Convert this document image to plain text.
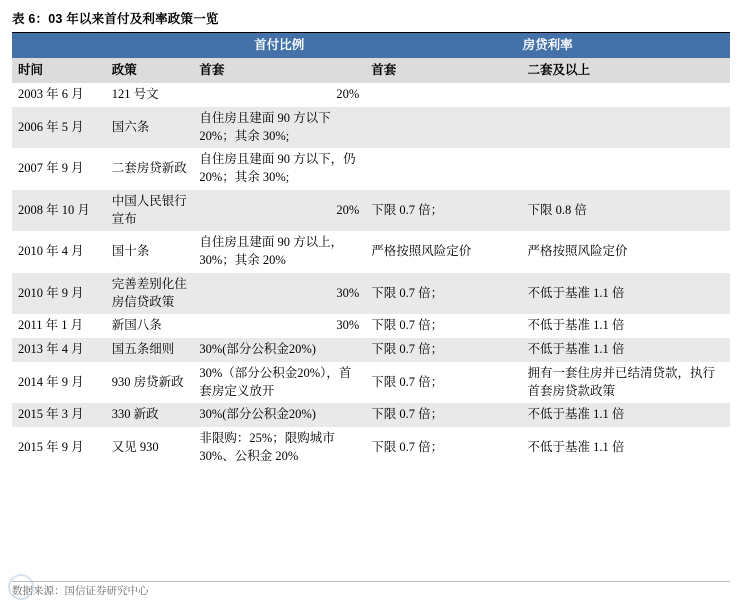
表 6：03 年以来首付及利率政策一览
		首付比例	房贷利率	
时间	政策	首套	首套	二套及以上
2003 年 6 月	121 号文	20%		
2006 年 5 月	国六条	自住房且建面 90 方以下 20%；其余 30%;		
2007 年 9 月	二套房贷新政	自住房且建面 90 方以下，仍 20%；其余 30%;		
2008 年 10 月	中国人民银行宣布	20%	下限 0.7 倍；	下限 0.8 倍
2010 年 4 月	国十条	自住房且建面 90 方以上，30%；其余 20%	严格按照风险定价	严格按照风险定价
2010 年 9 月	完善差别化住房信贷政策	30%	下限 0.7 倍；	不低于基准 1.1 倍
2011 年 1 月	新国八条	30%	下限 0.7 倍；	不低于基准 1.1 倍
2013 年 4 月	国五条细则	30%(部分公积金20%)	下限 0.7 倍；	不低于基准 1.1 倍
2014 年 9 月	930 房贷新政	30%（部分公积金20%），首套房定义放开	下限 0.7 倍；	拥有一套住房并已结清贷款，执行首套房贷款政策
2015 年 3 月	330 新政	30%(部分公积金20%)	下限 0.7 倍；	不低于基准 1.1 倍
2015 年 9 月	又见 930	非限购：25%；限购城市 30%、公积金 20%	下限 0.7 倍；	不低于基准 1.1 倍
数据来源：国信证券研究中心
